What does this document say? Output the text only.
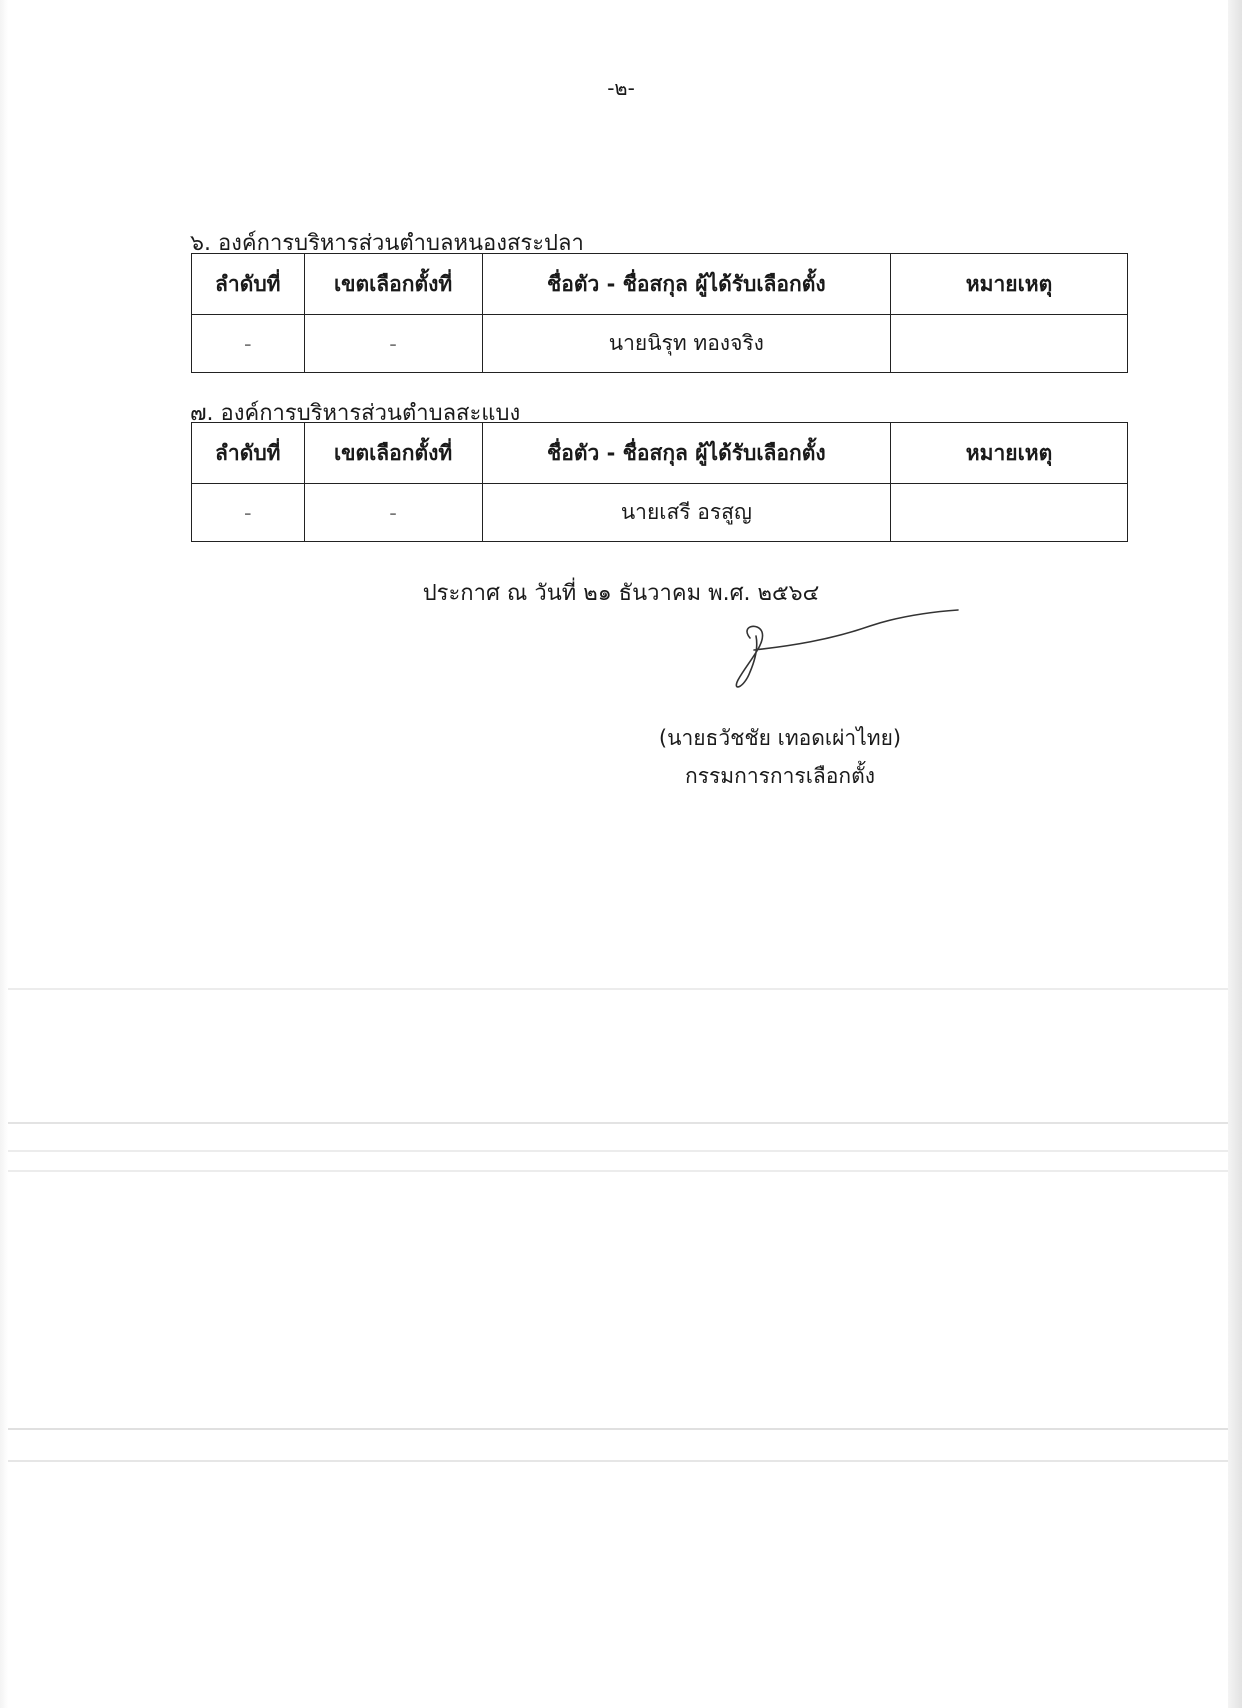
-๒-
๖. องค์การบริหารส่วนตำบลหนองสระปลา
ลำดับที่	เขตเลือกตั้งที่	ชื่อตัว - ชื่อสกุล ผู้ได้รับเลือกตั้ง	หมายเหตุ
-	-	นายนิรุท ทองจริง	
๗. องค์การบริหารส่วนตำบลสะแบง
ลำดับที่	เขตเลือกตั้งที่	ชื่อตัว - ชื่อสกุล ผู้ได้รับเลือกตั้ง	หมายเหตุ
-	-	นายเสรี อรสูญ	
ประกาศ ณ วันที่ ๒๑ ธันวาคม พ.ศ. ๒๕๖๔
(นายธวัชชัย เทอดเผ่าไทย)
กรรมการการเลือกตั้ง
